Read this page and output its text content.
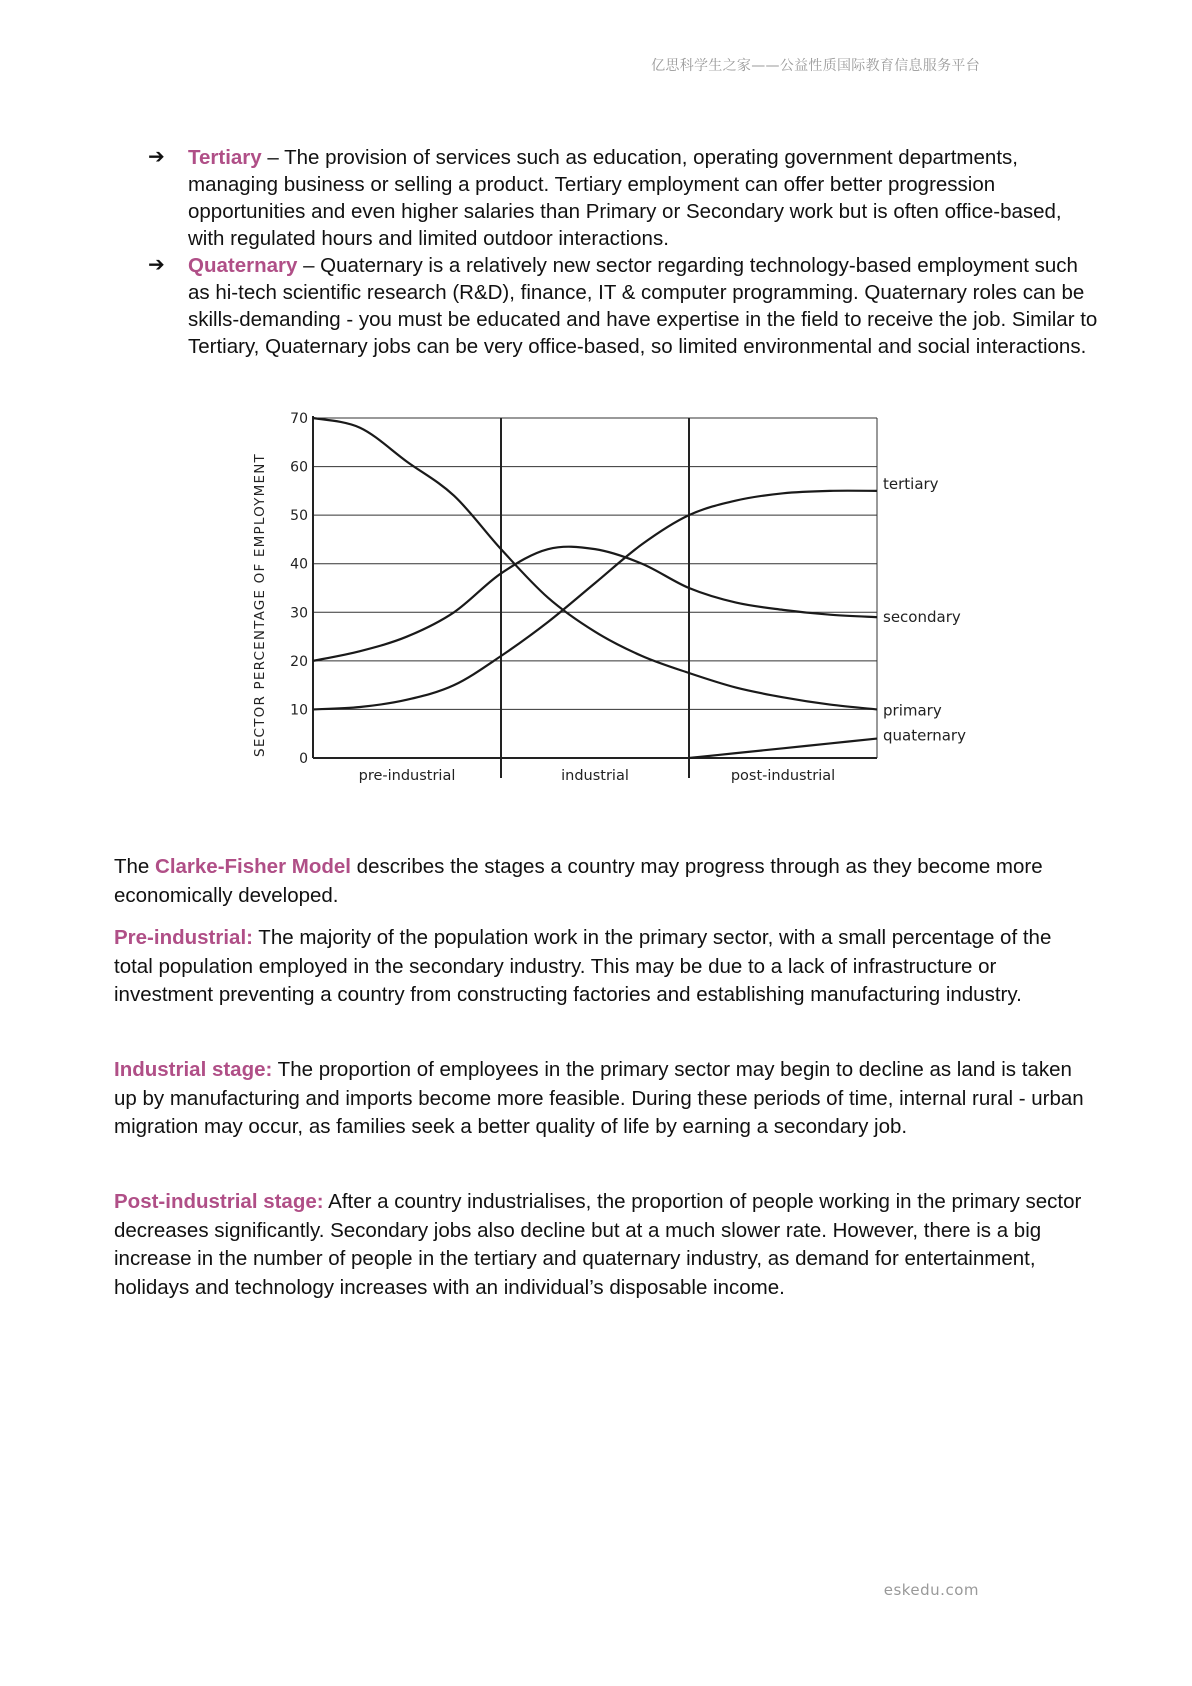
亿思科学生之家——公益性质国际教育信息服务平台
➔ Tertiary – The provision of services such as education, operating government departments, managing business or selling a product. Tertiary employment can offer better progression opportunities and even higher salaries than Primary or Secondary work but is often office-based, with regulated hours and limited outdoor interactions.
➔ Quaternary – Quaternary is a relatively new sector regarding technology-based employment such as hi-tech scientific research (R&D), finance, IT & computer programming. Quaternary roles can be skills-demanding - you must be educated and have expertise in the field to receive the job. Similar to Tertiary, Quaternary jobs can be very office-based, so limited environmental and social interactions.
SECTOR PERCENTAGE OF EMPLOYMENT
0
10
20
30
40
50
60
70
pre-industrial	industrial	post-industrial
primary
secondary
tertiary
quaternary

The Clarke-Fisher Model describes the stages a country may progress through as they become more economically developed.

Pre-industrial: The majority of the population work in the primary sector, with a small percentage of the total population employed in the secondary industry. This may be due to a lack of infrastructure or investment preventing a country from constructing factories and establishing manufacturing industry.

Industrial stage: The proportion of employees in the primary sector may begin to decline as land is taken up by manufacturing and imports become more feasible. During these periods of time, internal rural - urban migration may occur, as families seek a better quality of life by earning a secondary job.

Post-industrial stage: After a country industrialises, the proportion of people working in the primary sector decreases significantly. Secondary jobs also decline but at a much slower rate. However, there is a big increase in the number of people in the tertiary and quaternary industry, as demand for entertainment, holidays and technology increases with an individual’s disposable income.

eskedu.com
